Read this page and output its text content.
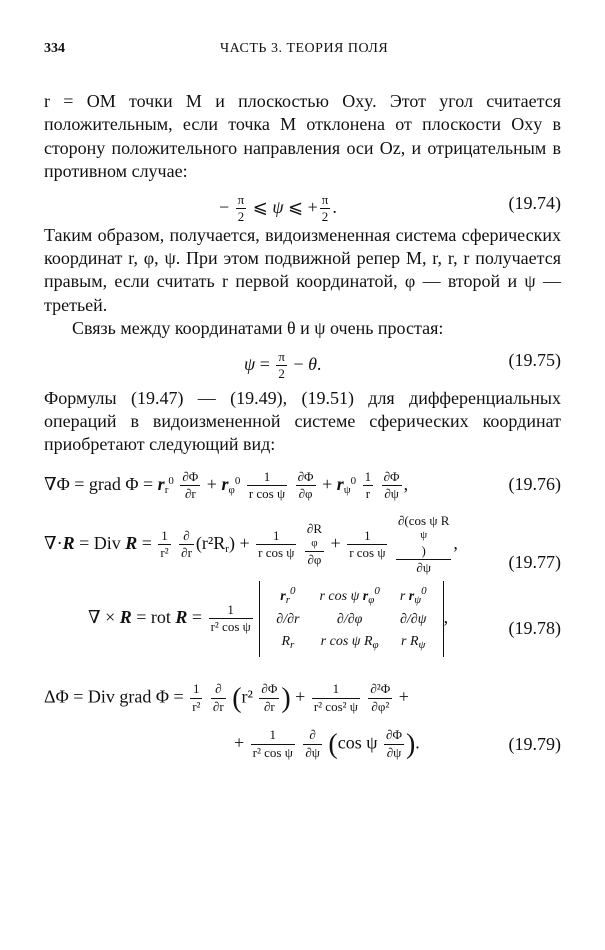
334	ЧАСТЬ 3. ТЕОРИЯ ПОЛЯ

r = OM точки M и плоскостью Oxy. Этот угол считается положительным, если точка M отклонена от плоскости Oxy в сторону положительного направления оси Oz, и отрицательным в противном случае:

− $\frac{\pi}{2}$ ⩽ ψ ⩽ + $\frac{\pi}{2}$ .	(19.74)

Таким образом, получается, видоизмененная система сферических координат r, φ, ψ. При этом подвижной репер M, r, r, r получается правым, если считать r первой координатой, φ — второй и ψ — третьей.

Связь между координатами θ и ψ очень простая:

$\psi = \frac{\pi}{2} - \theta$.	(19.75)

Формулы (19.47) — (19.49), (19.51) для дифференциальных операций в видоизмененной системе сферических координат приобретают следующий вид:

∇Φ = grad $\Phi = r_r^0 \frac{\partial\Phi}{\partial r} + r_\varphi^0 \frac{1}{\text{r cos ψ}}$
$\frac{\partial\Phi}{\partial\varphi} + r_\psi^0 \frac{1}{r}$
$\frac{\partial\Phi}{\partial\psi}$ ,	(19.76)
∇·R = Div $R = \frac{1}{\text{r²}}$
$\frac{\partial}{\partial r} (r^2R_r) + \frac{1}{\text{r cos ψ}}$
∂R
φ
$\partial\varphi + \frac{1}{\text{r cos ψ}}$
∂(cos ψ R
ψ
)
∂ψ ,
(19.77)
∇ × R = rot $R = \frac{1}{\text{r² cos ψ}}$

$r_r^0$	r cos ψ $r_\varphi^0$	r $r_\psi^0$
∂/∂r	∂/∂φ	∂/∂ψ
$R_r$	r cos ψ $R_\varphi$	r $R_\psi$
,
(19.78)
ΔΦ = Div grad $\Phi = \frac{1}{\text{r²}}$
$\frac{\partial}{\partial r} (r^2 \frac{\partial\Phi}{\partial r}$ ) + $\frac{1}{\text{r² cos² ψ}}$
$\frac{\text{∂²Φ}}{\text{∂φ²}}$ +
+ $\frac{1}{\text{r² cos ψ}}$
$\frac{\partial}{\partial\psi} (\cos$ ψ $\frac{\partial\Phi}{\partial\psi}$ ).	(19.79)
